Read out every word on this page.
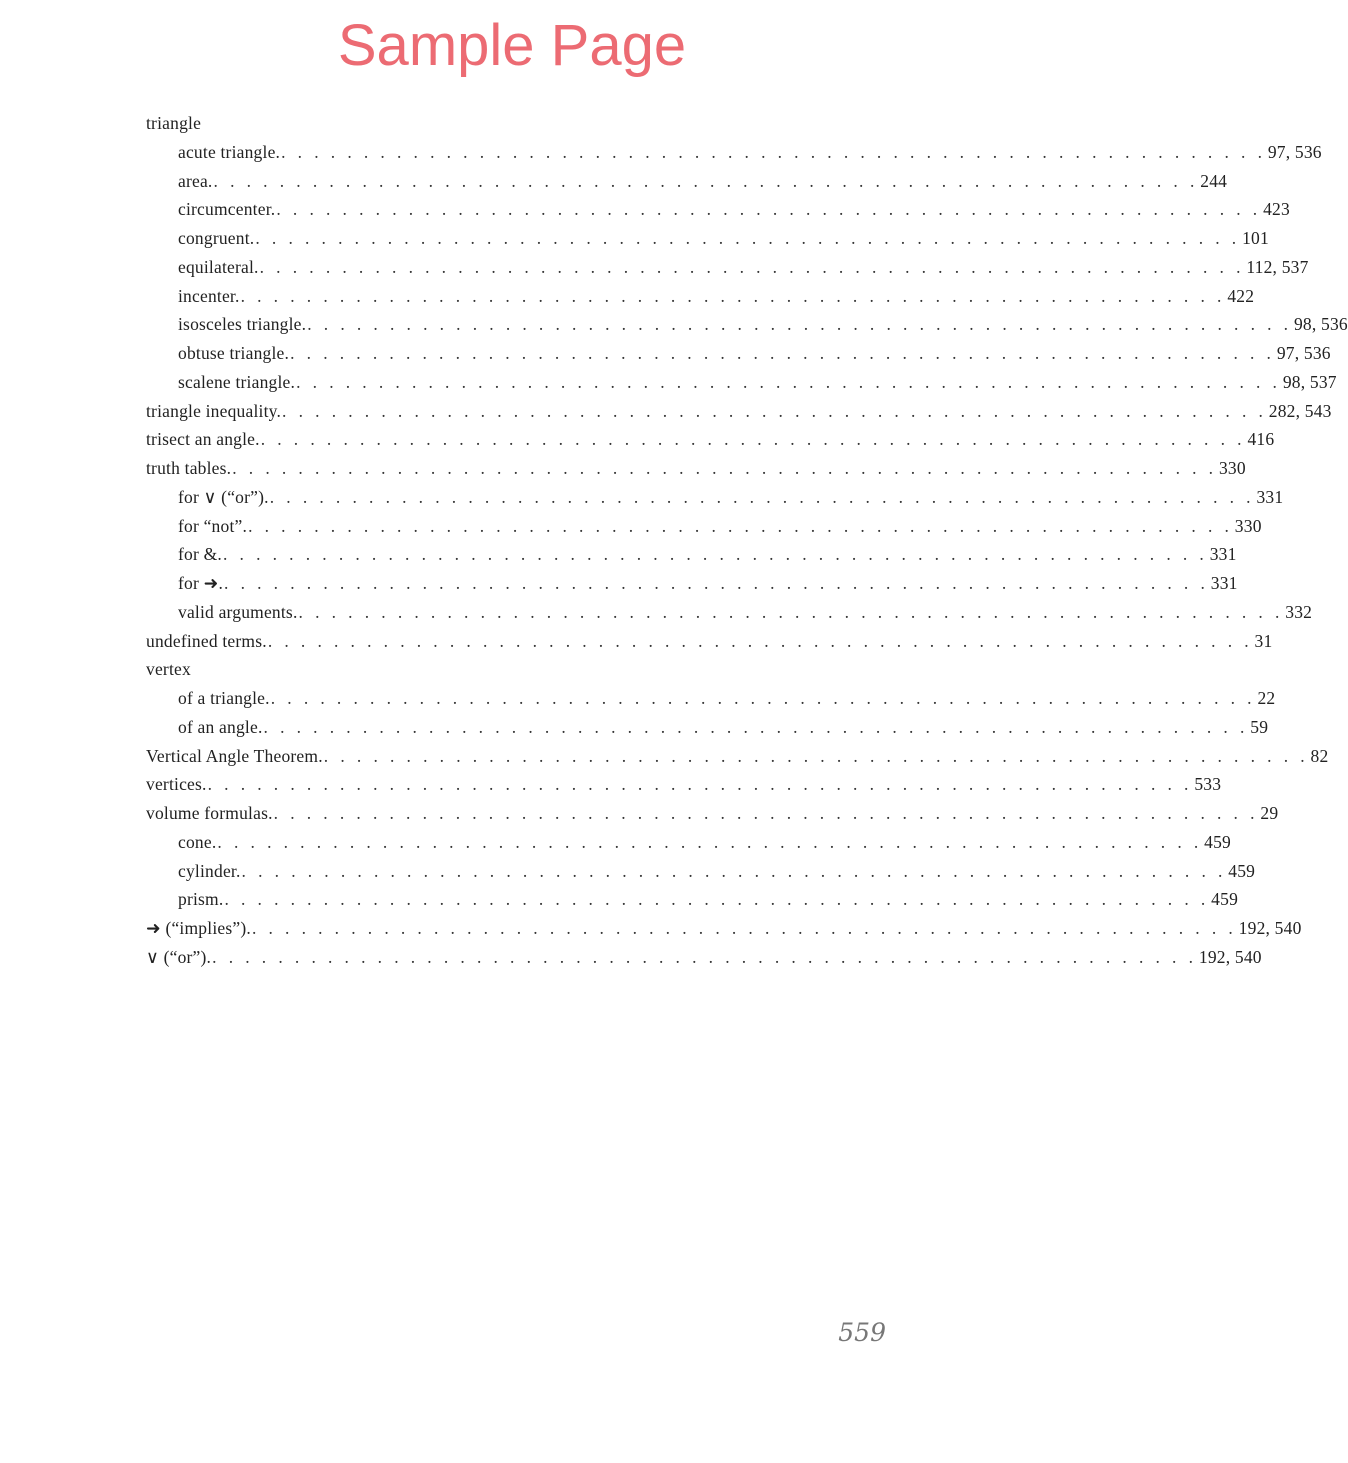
Sample Page
triangle
acute triangle. . . . . . . . . . . . . . . . . . . . . . . . . . . . . . . . . . . . . . . . . . . . . . . . . . . . . . . . . . . . . 97, 536
area. . . . . . . . . . . . . . . . . . . . . . . . . . . . . . . . . . . . . . . . . . . . . . . . . . . . . . . . . . . . . 244
circumcenter. . . . . . . . . . . . . . . . . . . . . . . . . . . . . . . . . . . . . . . . . . . . . . . . . . . . . . . . . . . . . 423
congruent. . . . . . . . . . . . . . . . . . . . . . . . . . . . . . . . . . . . . . . . . . . . . . . . . . . . . . . . . . . . . 101
equilateral. . . . . . . . . . . . . . . . . . . . . . . . . . . . . . . . . . . . . . . . . . . . . . . . . . . . . . . . . . . . . 112, 537
incenter. . . . . . . . . . . . . . . . . . . . . . . . . . . . . . . . . . . . . . . . . . . . . . . . . . . . . . . . . . . . . 422
isosceles triangle. . . . . . . . . . . . . . . . . . . . . . . . . . . . . . . . . . . . . . . . . . . . . . . . . . . . . . . . . . . . . 98, 536
obtuse triangle. . . . . . . . . . . . . . . . . . . . . . . . . . . . . . . . . . . . . . . . . . . . . . . . . . . . . . . . . . . . . 97, 536
scalene triangle. . . . . . . . . . . . . . . . . . . . . . . . . . . . . . . . . . . . . . . . . . . . . . . . . . . . . . . . . . . . . 98, 537
triangle inequality. . . . . . . . . . . . . . . . . . . . . . . . . . . . . . . . . . . . . . . . . . . . . . . . . . . . . . . . . . . . . 282, 543
trisect an angle. . . . . . . . . . . . . . . . . . . . . . . . . . . . . . . . . . . . . . . . . . . . . . . . . . . . . . . . . . . . . 416
truth tables. . . . . . . . . . . . . . . . . . . . . . . . . . . . . . . . . . . . . . . . . . . . . . . . . . . . . . . . . . . . . 330
for ∨ (“or”). . . . . . . . . . . . . . . . . . . . . . . . . . . . . . . . . . . . . . . . . . . . . . . . . . . . . . . . . . . . . 331
for “not”. . . . . . . . . . . . . . . . . . . . . . . . . . . . . . . . . . . . . . . . . . . . . . . . . . . . . . . . . . . . . 330
for &. . . . . . . . . . . . . . . . . . . . . . . . . . . . . . . . . . . . . . . . . . . . . . . . . . . . . . . . . . . . . 331
for ➜. . . . . . . . . . . . . . . . . . . . . . . . . . . . . . . . . . . . . . . . . . . . . . . . . . . . . . . . . . . . . 331
valid arguments. . . . . . . . . . . . . . . . . . . . . . . . . . . . . . . . . . . . . . . . . . . . . . . . . . . . . . . . . . . . . 332
undefined terms. . . . . . . . . . . . . . . . . . . . . . . . . . . . . . . . . . . . . . . . . . . . . . . . . . . . . . . . . . . . . 31
vertex
of a triangle. . . . . . . . . . . . . . . . . . . . . . . . . . . . . . . . . . . . . . . . . . . . . . . . . . . . . . . . . . . . . 22
of an angle. . . . . . . . . . . . . . . . . . . . . . . . . . . . . . . . . . . . . . . . . . . . . . . . . . . . . . . . . . . . . 59
Vertical Angle Theorem. . . . . . . . . . . . . . . . . . . . . . . . . . . . . . . . . . . . . . . . . . . . . . . . . . . . . . . . . . . . . 82
vertices. . . . . . . . . . . . . . . . . . . . . . . . . . . . . . . . . . . . . . . . . . . . . . . . . . . . . . . . . . . . . 533
volume formulas. . . . . . . . . . . . . . . . . . . . . . . . . . . . . . . . . . . . . . . . . . . . . . . . . . . . . . . . . . . . . 29
cone. . . . . . . . . . . . . . . . . . . . . . . . . . . . . . . . . . . . . . . . . . . . . . . . . . . . . . . . . . . . . 459
cylinder. . . . . . . . . . . . . . . . . . . . . . . . . . . . . . . . . . . . . . . . . . . . . . . . . . . . . . . . . . . . . 459
prism. . . . . . . . . . . . . . . . . . . . . . . . . . . . . . . . . . . . . . . . . . . . . . . . . . . . . . . . . . . . . 459
➜ (“implies”). . . . . . . . . . . . . . . . . . . . . . . . . . . . . . . . . . . . . . . . . . . . . . . . . . . . . . . . . . . . . 192, 540
∨ (“or”). . . . . . . . . . . . . . . . . . . . . . . . . . . . . . . . . . . . . . . . . . . . . . . . . . . . . . . . . . . . . 192, 540
559
